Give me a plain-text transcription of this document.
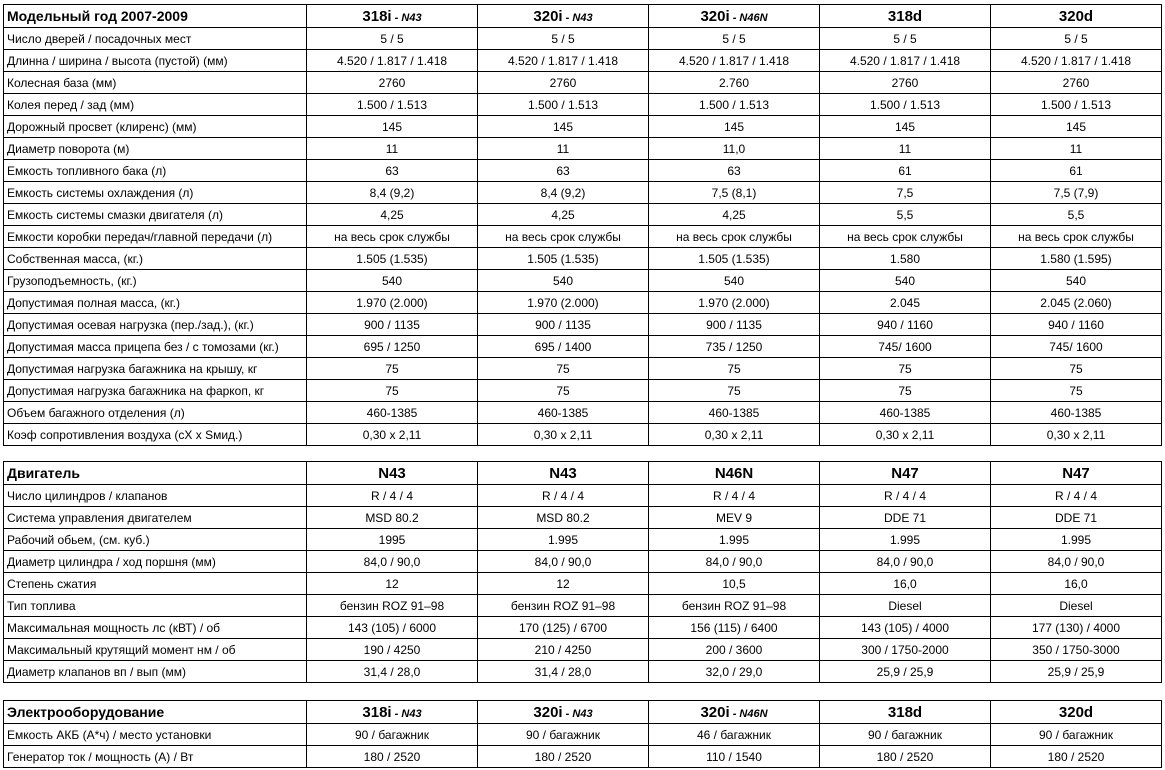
Модельный год 2007-2009	318i - N43	320i - N43	320i - N46N	318d	320d
Число дверей / посадочных мест	5 / 5	5 / 5	5 / 5	5 / 5	5 / 5
Длинна / ширина / высота (пустой) (мм)	4.520 / 1.817 / 1.418	4.520 / 1.817 / 1.418	4.520 / 1.817 / 1.418	4.520 / 1.817 / 1.418	4.520 / 1.817 / 1.418
Колесная база (мм)	2760	2760	2.760	2760	2760
Колея перед / зад (мм)	1.500 / 1.513	1.500 / 1.513	1.500 / 1.513	1.500 / 1.513	1.500 / 1.513
Дорожный просвет (клиренс) (мм)	145	145	145	145	145
Диаметр поворота (м)	11	11	11,0	11	11
Емкость топливного бака (л)	63	63	63	61	61
Емкость системы охлаждения (л)	8,4 (9,2)	8,4 (9,2)	7,5 (8,1)	7,5	7,5 (7,9)
Емкость системы смазки двигателя (л)	4,25	4,25	4,25	5,5	5,5
Емкости коробки передач/главной передачи (л)	на весь срок службы	на весь срок службы	на весь срок службы	на весь срок службы	на весь срок службы
Собственная масса, (кг.)	1.505 (1.535)	1.505 (1.535)	1.505 (1.535)	1.580	1.580 (1.595)
Грузоподъемность, (кг.)	540	540	540	540	540
Допустимая полная масса, (кг.)	1.970 (2.000)	1.970 (2.000)	1.970 (2.000)	2.045	2.045 (2.060)
Допустимая осевая нагрузка (пер./зад.), (кг.)	900 / 1135	900 / 1135	900 / 1135	940 / 1160	940 / 1160
Допустимая масса прицепа без / с томозами (кг.)	695 / 1250	695 / 1400	735 / 1250	745/ 1600	745/ 1600
Допустимая нагрузка багажника на крышу, кг	75	75	75	75	75
Допустимая нагрузка багажника на фаркоп, кг	75	75	75	75	75
Объем багажного отделения (л)	460-1385	460-1385	460-1385	460-1385	460-1385
Коэф сопротивления воздуха (cX x Sмид.)	0,30 x 2,11	0,30 x 2,11	0,30 x 2,11	0,30 x 2,11	0,30 x 2,11
Двигатель	N43	N43	N46N	N47	N47
Число цилиндров / клапанов	R / 4 / 4	R / 4 / 4	R / 4 / 4	R / 4 / 4	R / 4 / 4
Система управления двигателем	MSD 80.2	MSD 80.2	MEV 9	DDE 71	DDE 71
Рабочий обьем, (см. куб.)	1995	1.995	1.995	1.995	1.995
Диаметр цилиндра / ход поршня (мм)	84,0 / 90,0	84,0 / 90,0	84,0 / 90,0	84,0 / 90,0	84,0 / 90,0
Степень сжатия	12	12	10,5	16,0	16,0
Тип топлива	бензин ROZ 91–98	бензин ROZ 91–98	бензин ROZ 91–98	Diesel	Diesel
Максимальная мощность лс (кВТ) / об	143 (105) / 6000	170 (125) / 6700	156 (115) / 6400	143 (105) / 4000	177 (130) / 4000
Максимальный крутящий момент нм / об	190 / 4250	210 / 4250	200 / 3600	300 / 1750-2000	350 / 1750-3000
Диаметр клапанов вп / вып (мм)	31,4 / 28,0	31,4 / 28,0	32,0 / 29,0	25,9 / 25,9	25,9 / 25,9
Электрооборудование	318i - N43	320i - N43	320i - N46N	318d	320d
Емкость АКБ (А*ч) / место установки	90 / багажник	90 / багажник	46 / багажник	90 / багажник	90 / багажник
Генератор ток / мощность (А) / Вт	180 / 2520	180 / 2520	110 / 1540	180 / 2520	180 / 2520
